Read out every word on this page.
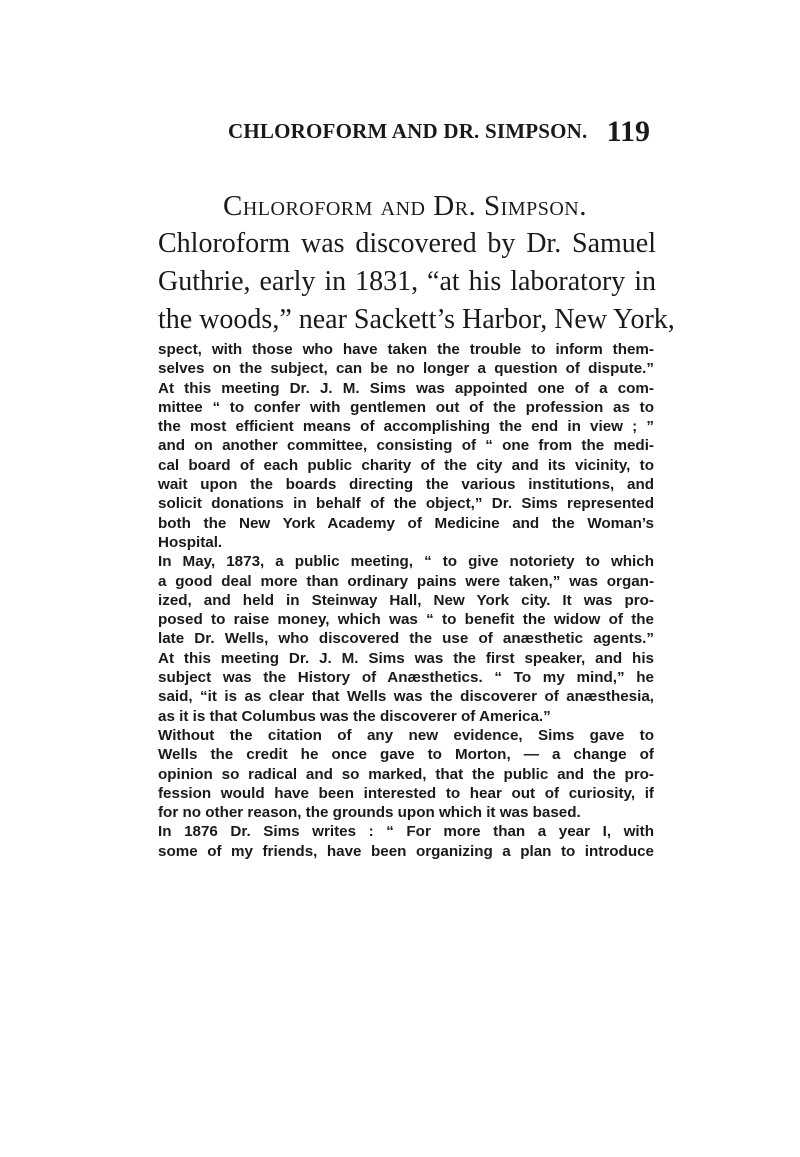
CHLOROFORM AND DR. SIMPSON. 119
Chloroform and Dr. Simpson.
Chloroform was discovered by Dr. Samuel
Guthrie, early in 1831, “at his laboratory in
the woods,” near Sackett’s Harbor, New York,
spect, with those who have taken the trouble to inform them-
selves on the subject, can be no longer a question of dispute.”
At this meeting Dr. J. M. Sims was appointed one of a com-
mittee “ to confer with gentlemen out of the profession as to
the most efficient means of accomplishing the end in view ; ”
and on another committee, consisting of “ one from the medi-
cal board of each public charity of the city and its vicinity, to
wait upon the boards directing the various institutions, and
solicit donations in behalf of the object,” Dr. Sims represented
both the New York Academy of Medicine and the Woman’s
Hospital.
In May, 1873, a public meeting, “ to give notoriety to which
a good deal more than ordinary pains were taken,” was organ-
ized, and held in Steinway Hall, New York city. It was pro-
posed to raise money, which was “ to benefit the widow of the
late Dr. Wells, who discovered the use of anæsthetic agents.”
At this meeting Dr. J. M. Sims was the first speaker, and his
subject was the History of Anæsthetics. “ To my mind,” he
said, “it is as clear that Wells was the discoverer of anæsthesia,
as it is that Columbus was the discoverer of America.”
Without the citation of any new evidence, Sims gave to
Wells the credit he once gave to Morton, — a change of
opinion so radical and so marked, that the public and the pro-
fession would have been interested to hear out of curiosity, if
for no other reason, the grounds upon which it was based.
In 1876 Dr. Sims writes : “ For more than a year I, with
some of my friends, have been organizing a plan to introduce
